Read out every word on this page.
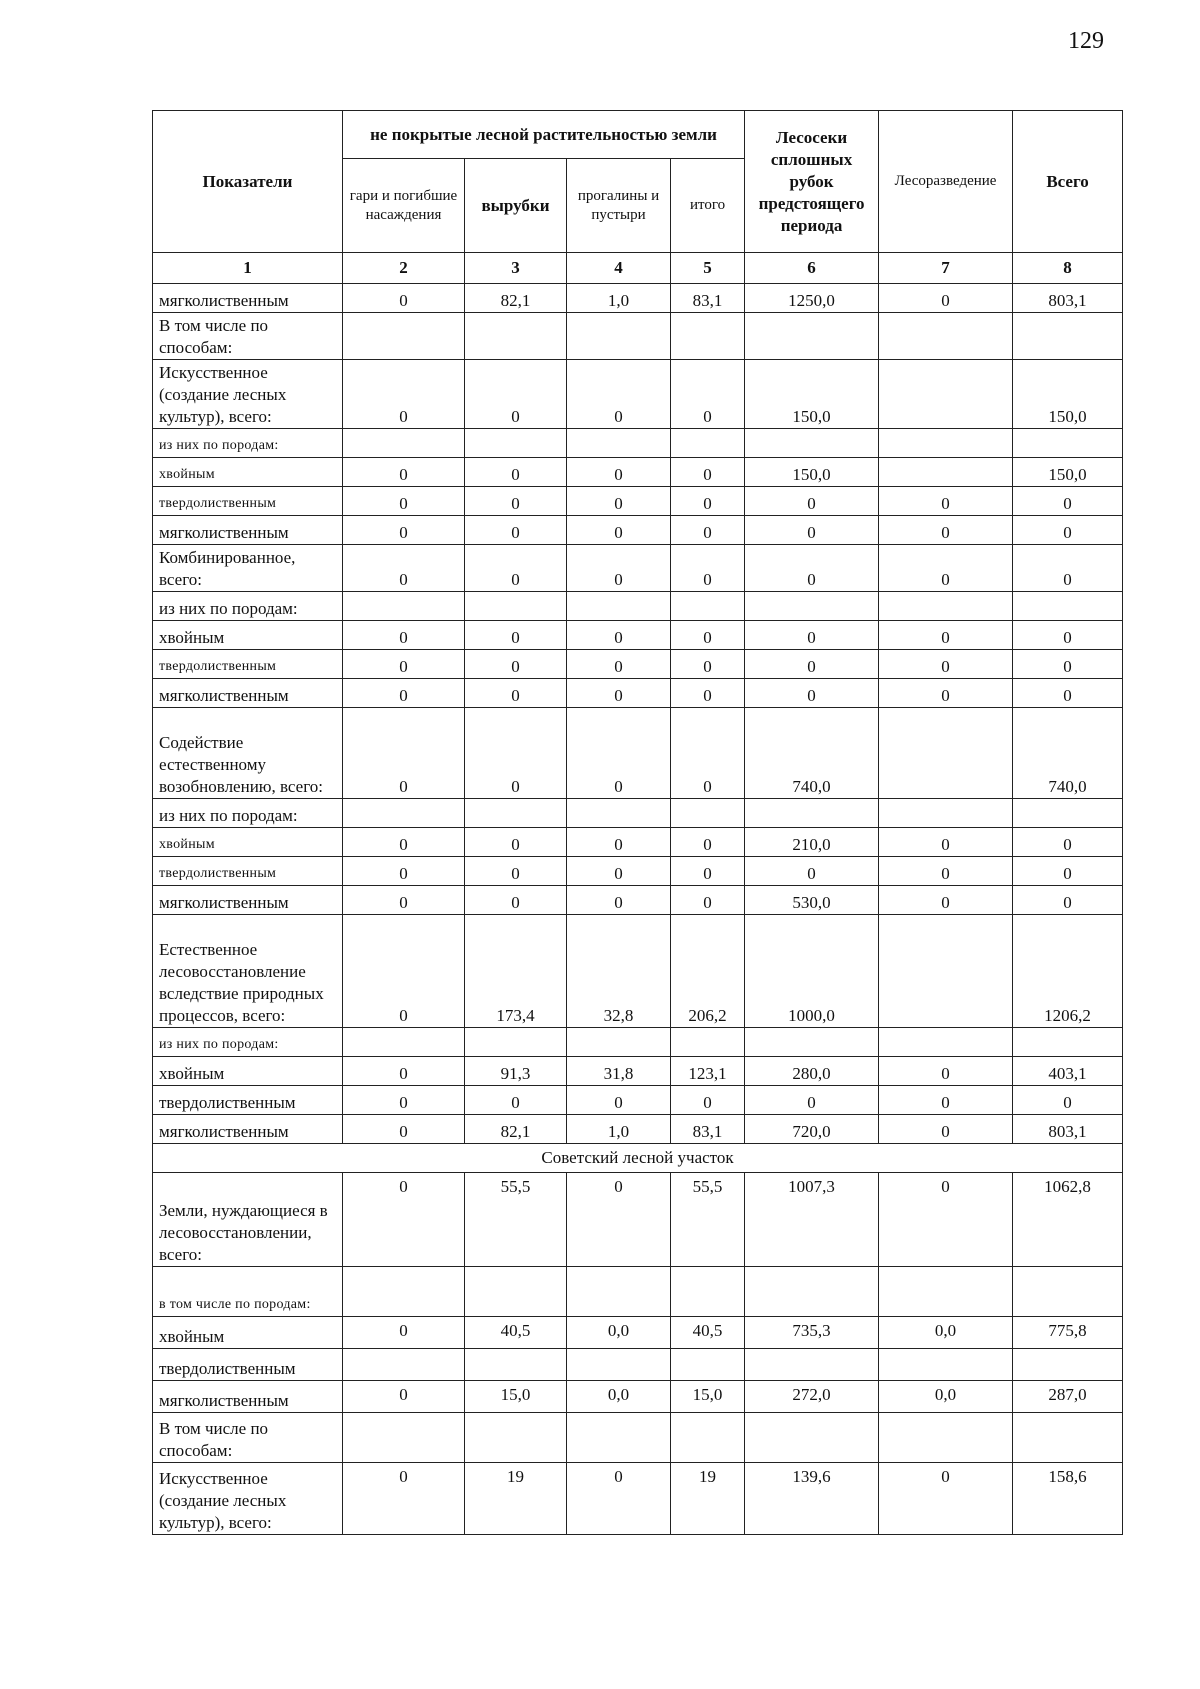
129
Показатели	не покрытые лесной растительностью земли				Лесосеки сплошных рубок предстоящего периода	Лесоразведение	Всего
	гари и погибшие насаждения	вырубки	прогалины и пустыри	итого			
1	2	3	4	5	6	7	8
мягколиственным	0	82,1	1,0	83,1	1250,0	0	803,1
В том числе по способам:							
Искусственное (создание лесных культур), всего:	0	0	0	0	150,0		150,0
из них по породам:							
хвойным	0	0	0	0	150,0		150,0
твердолиственным	0	0	0	0	0	0	0
мягколиственным	0	0	0	0	0	0	0
Комбинированное, всего:	0	0	0	0	0	0	0
из них по породам:							
хвойным	0	0	0	0	0	0	0
твердолиственным	0	0	0	0	0	0	0
мягколиственным	0	0	0	0	0	0	0
Содействие естественному возобновлению, всего:	0	0	0	0	740,0		740,0
из них по породам:							
хвойным	0	0	0	0	210,0	0	0
твердолиственным	0	0	0	0	0	0	0
мягколиственным	0	0	0	0	530,0	0	0
Естественное лесовосстановление вследствие природных процессов, всего:	0	173,4	32,8	206,2	1000,0		1206,2
из них по породам:							
хвойным	0	91,3	31,8	123,1	280,0	0	403,1
твердолиственным	0	0	0	0	0	0	0
мягколиственным	0	82,1	1,0	83,1	720,0	0	803,1
Советский лесной участок							
Земли, нуждающиеся в лесовосстановлении, всего:	0	55,5	0	55,5	1007,3	0	1062,8
в том числе по породам:							
хвойным	0	40,5	0,0	40,5	735,3	0,0	775,8
твердолиственным							
мягколиственным	0	15,0	0,0	15,0	272,0	0,0	287,0
В том числе по способам:							
Искусственное (создание лесных культур), всего:	0	19	0	19	139,6	0	158,6
